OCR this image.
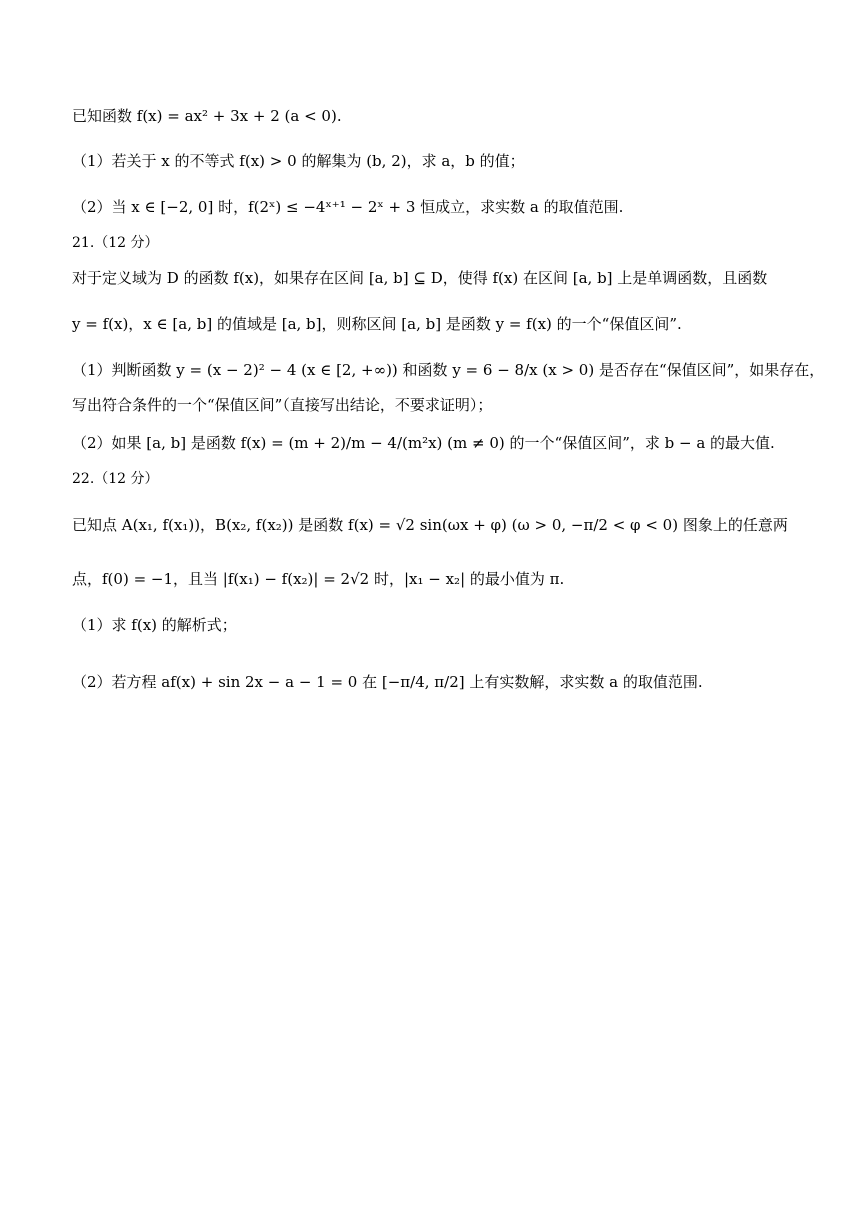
已知函数 f(x) = ax² + 3x + 2 (a < 0).
（1）若关于 x 的不等式 f(x) > 0 的解集为 (b, 2)，求 a，b 的值；
（2）当 x ∈ [−2, 0] 时，f(2ˣ) ≤ −4ˣ⁺¹ − 2ˣ + 3 恒成立，求实数 a 的取值范围.
21.（12 分）
对于定义域为 D 的函数 f(x)，如果存在区间 [a, b] ⊆ D，使得 f(x) 在区间 [a, b] 上是单调函数，且函数
y = f(x)，x ∈ [a, b] 的值域是 [a, b]，则称区间 [a, b] 是函数 y = f(x) 的一个“保值区间”.
（1）判断函数 y = (x − 2)² − 4 (x ∈ [2, +∞)) 和函数 y = 6 − 8/x (x > 0) 是否存在“保值区间”，如果存在，
写出符合条件的一个“保值区间”（直接写出结论，不要求证明）；
（2）如果 [a, b] 是函数 f(x) = (m + 2)/m − 4/(m²x) (m ≠ 0) 的一个“保值区间”，求 b − a 的最大值.
22.（12 分）
已知点 A(x₁, f(x₁))，B(x₂, f(x₂)) 是函数 f(x) = √2 sin(ωx + φ) (ω > 0, −π/2 < φ < 0) 图象上的任意两
点，f(0) = −1，且当 |f(x₁) − f(x₂)| = 2√2 时，|x₁ − x₂| 的最小值为 π.
（1）求 f(x) 的解析式；
（2）若方程 af(x) + sin 2x − a − 1 = 0 在 [−π/4, π/2] 上有实数解，求实数 a 的取值范围.
